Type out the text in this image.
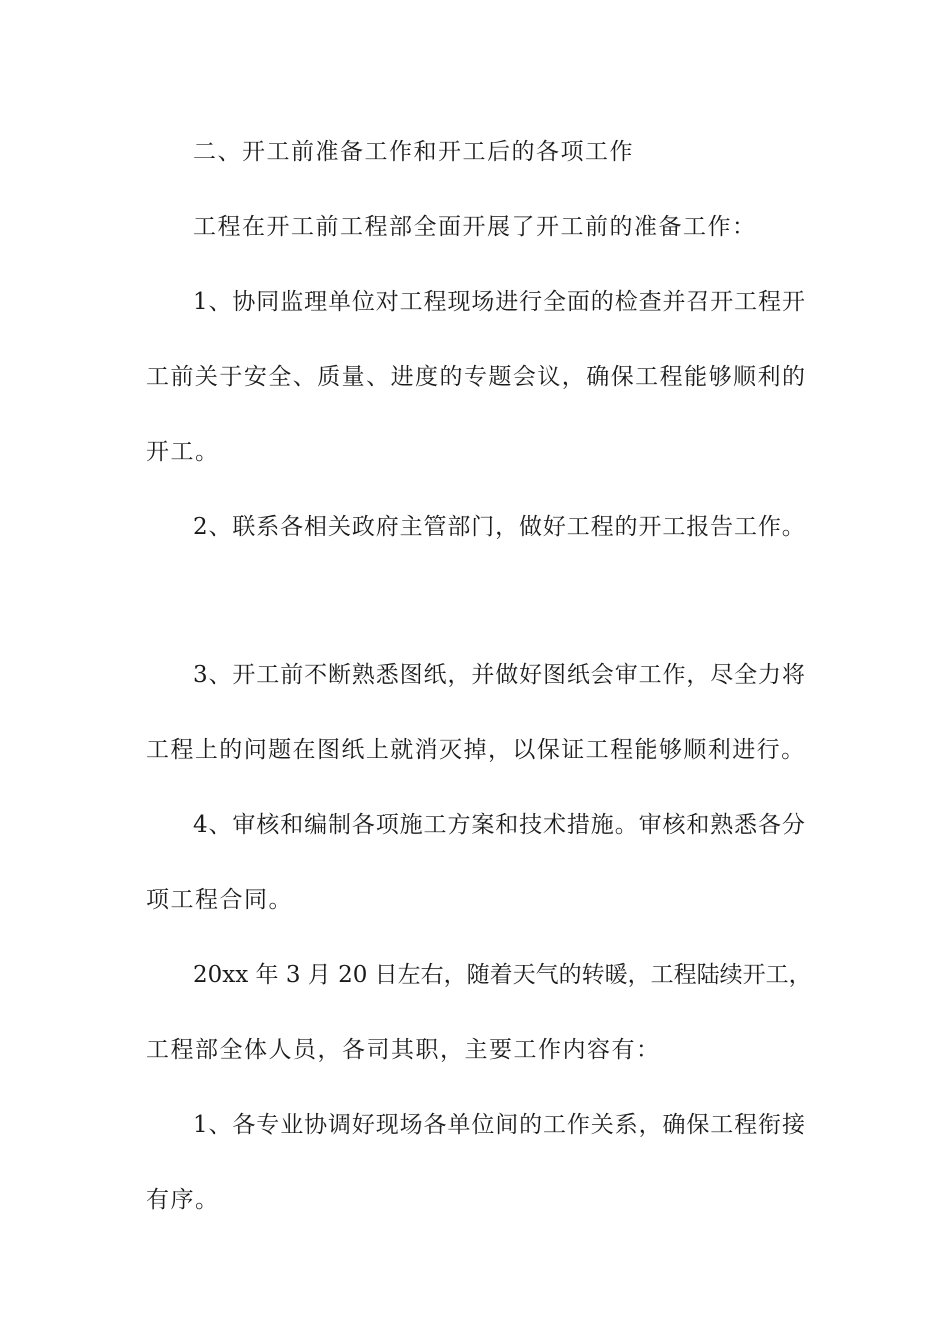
二、开工前准备工作和开工后的各项工作
工程在开工前工程部全面开展了开工前的准备工作：
1、协同监理单位对工程现场进行全面的检查并召开工程开
工前关于安全、质量、进度的专题会议，确保工程能够顺利的
开工。
2、联系各相关政府主管部门，做好工程的开工报告工作。
3、开工前不断熟悉图纸，并做好图纸会审工作，尽全力将
工程上的问题在图纸上就消灭掉，以保证工程能够顺利进行。
4、审核和编制各项施工方案和技术措施。审核和熟悉各分
项工程合同。
20xx 年 3 月 20 日左右，随着天气的转暖，工程陆续开工，
工程部全体人员，各司其职，主要工作内容有：
1、各专业协调好现场各单位间的工作关系，确保工程衔接
有序。
